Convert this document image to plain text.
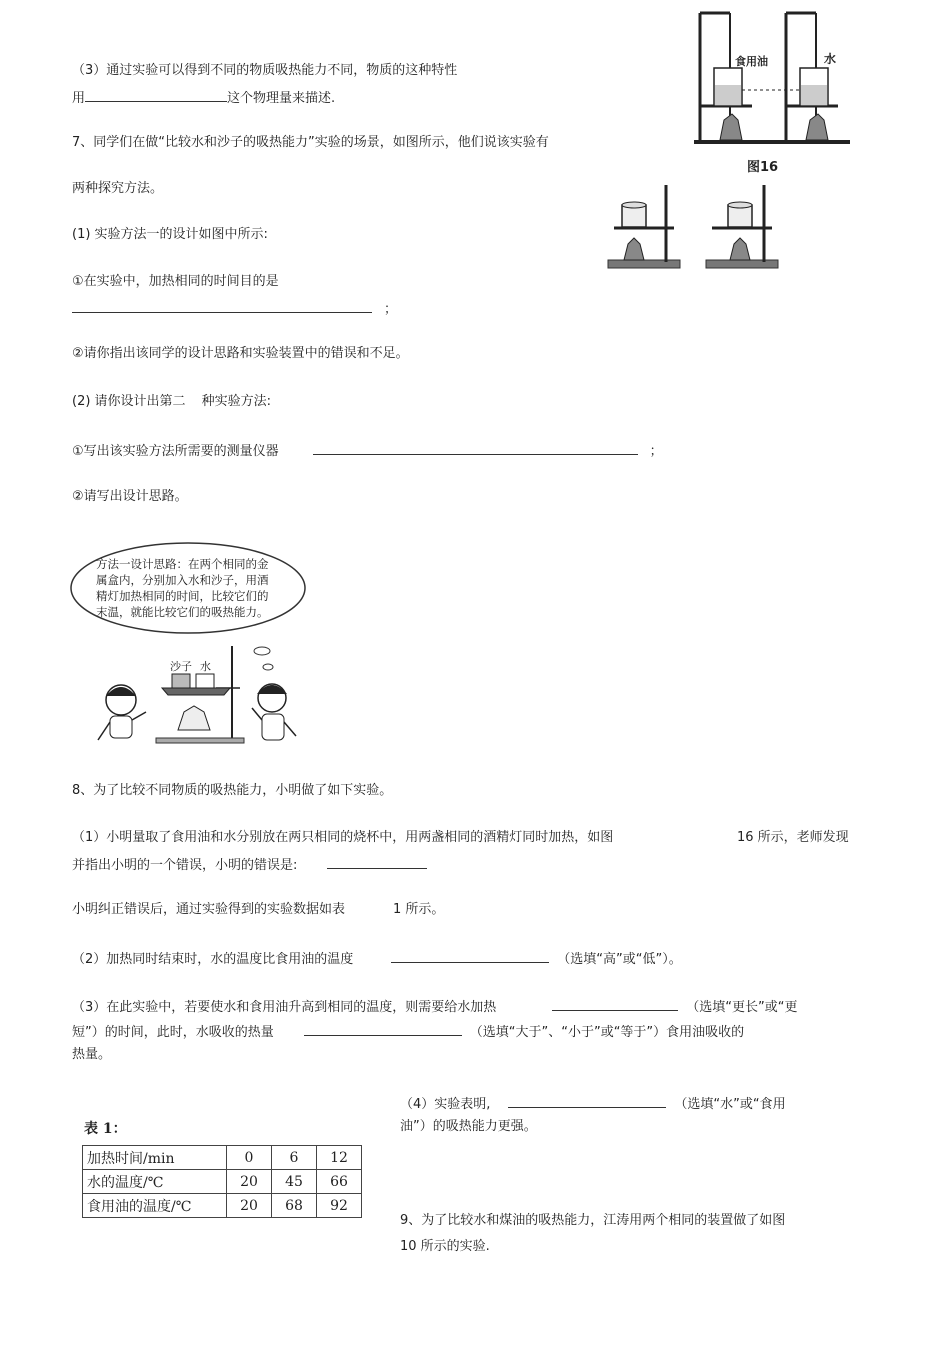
（3）通过实验可以得到不同的物质吸热能力不同，物质的这种特性
用	这个物理量来描述.
食用油	水
图16
7、同学们在做“比较水和沙子的吸热能力”实验的场景，如图所示，他们说该实验有
两种探究方法。
(1) 实验方法一的设计如图中所示:
①在实验中，加热相同的时间目的是
；
②请你指出该同学的设计思路和实验装置中的错误和不足。
(2) 请你设计出第二 种实验方法:
①写出该实验方法所需要的测量仪器	；
②请写出设计思路。
方法一设计思路：在两个相同的金 属盒内，分别加入水和沙子，用酒 精灯加热相同的时间，比较它们的 末温，就能比较它们的吸热能力。
沙子 水
8、为了比较不同物质的吸热能力，小明做了如下实验。
（1）小明量取了食用油和水分别放在两只相同的烧杯中，用两盏相同的酒精灯同时加热，如图	16 所示，老师发现
并指出小明的一个错误，小明的错误是:
小明纠正错误后，通过实验得到的实验数据如表	1 所示。
（2）加热同时结束时，水的温度比食用油的温度	（选填“高”或“低”）。
（3）在此实验中，若要使水和食用油升高到相同的温度，则需要给水加热	（选填“更长”或“更
短”）的时间，此时，水吸收的热量	（选填“大于”、“小于”或“等于”）食用油吸收的
热量。
（4）实验表明,	（选填“水”或“食用
油”）的吸热能力更强。
表 1：
加热时间/min	0	6	12
水的温度/℃	20	45	66
食用油的温度/℃	20	68	92
9、为了比较水和煤油的吸热能力，江涛用两个相同的装置做了如图
10 所示的实验.
